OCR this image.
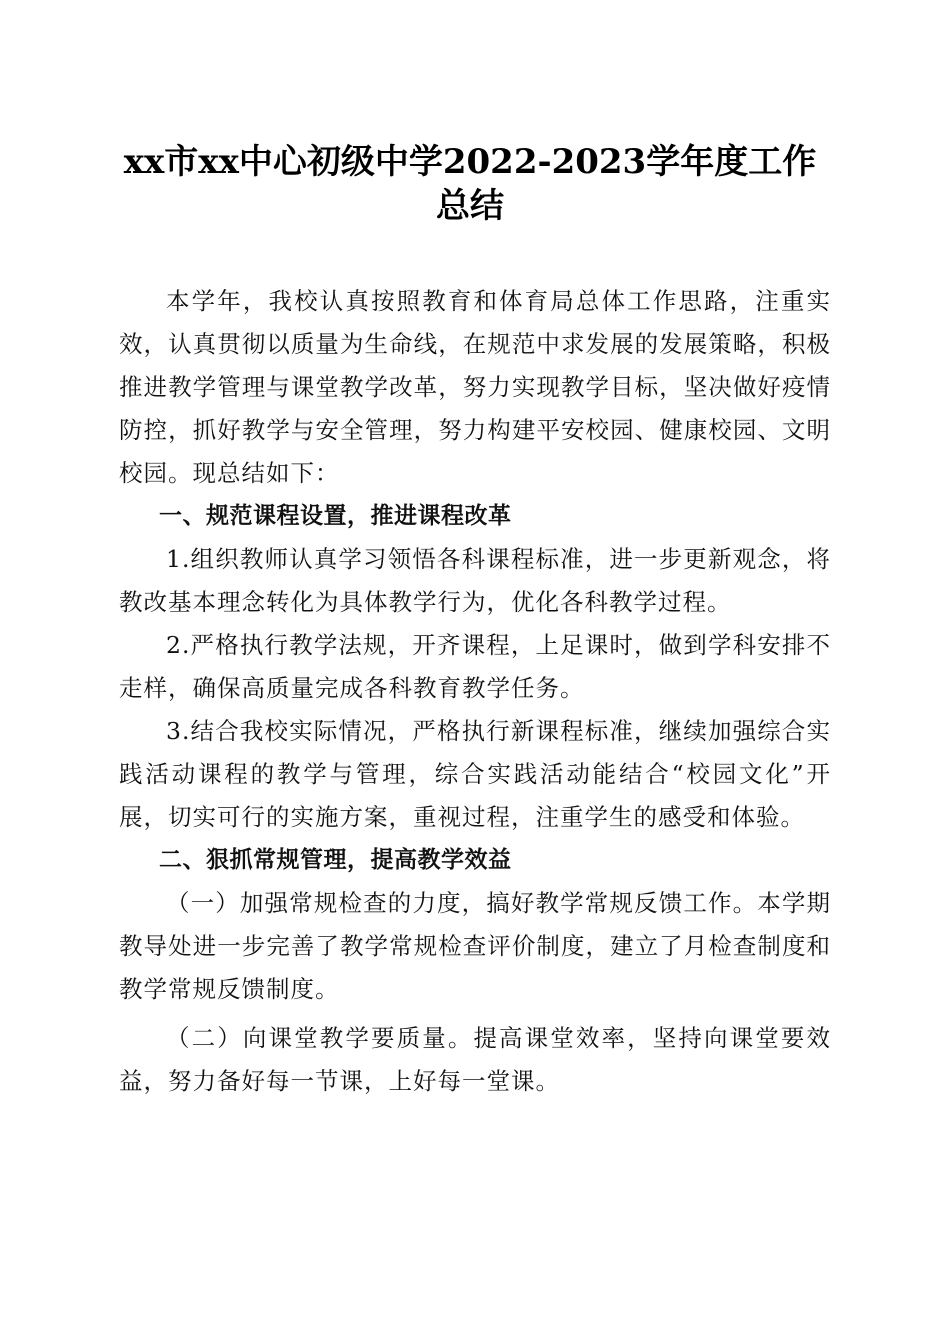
xx市xx中心初级中学2022-2023学年度工作
总结

本学年，我校认真按照教育和体育局总体工作思路，注重实效，认真贯彻以质量为生命线，在规范中求发展的发展策略，积极推进教学管理与课堂教学改革，努力实现教学目标，坚决做好疫情防控，抓好教学与安全管理，努力构建平安校园、健康校园、文明校园。现总结如下：

一、规范课程设置，推进课程改革

1.组织教师认真学习领悟各科课程标准，进一步更新观念，将教改基本理念转化为具体教学行为，优化各科教学过程。

2.严格执行教学法规，开齐课程，上足课时，做到学科安排不走样，确保高质量完成各科教育教学任务。

3.结合我校实际情况，严格执行新课程标准，继续加强综合实践活动课程的教学与管理，综合实践活动能结合“校园文化”开展，切实可行的实施方案，重视过程，注重学生的感受和体验。

二、狠抓常规管理，提高教学效益

（一）加强常规检查的力度，搞好教学常规反馈工作。本学期教导处进一步完善了教学常规检查评价制度，建立了月检查制度和教学常规反馈制度。

（二）向课堂教学要质量。提高课堂效率，坚持向课堂要效益，努力备好每一节课，上好每一堂课。
